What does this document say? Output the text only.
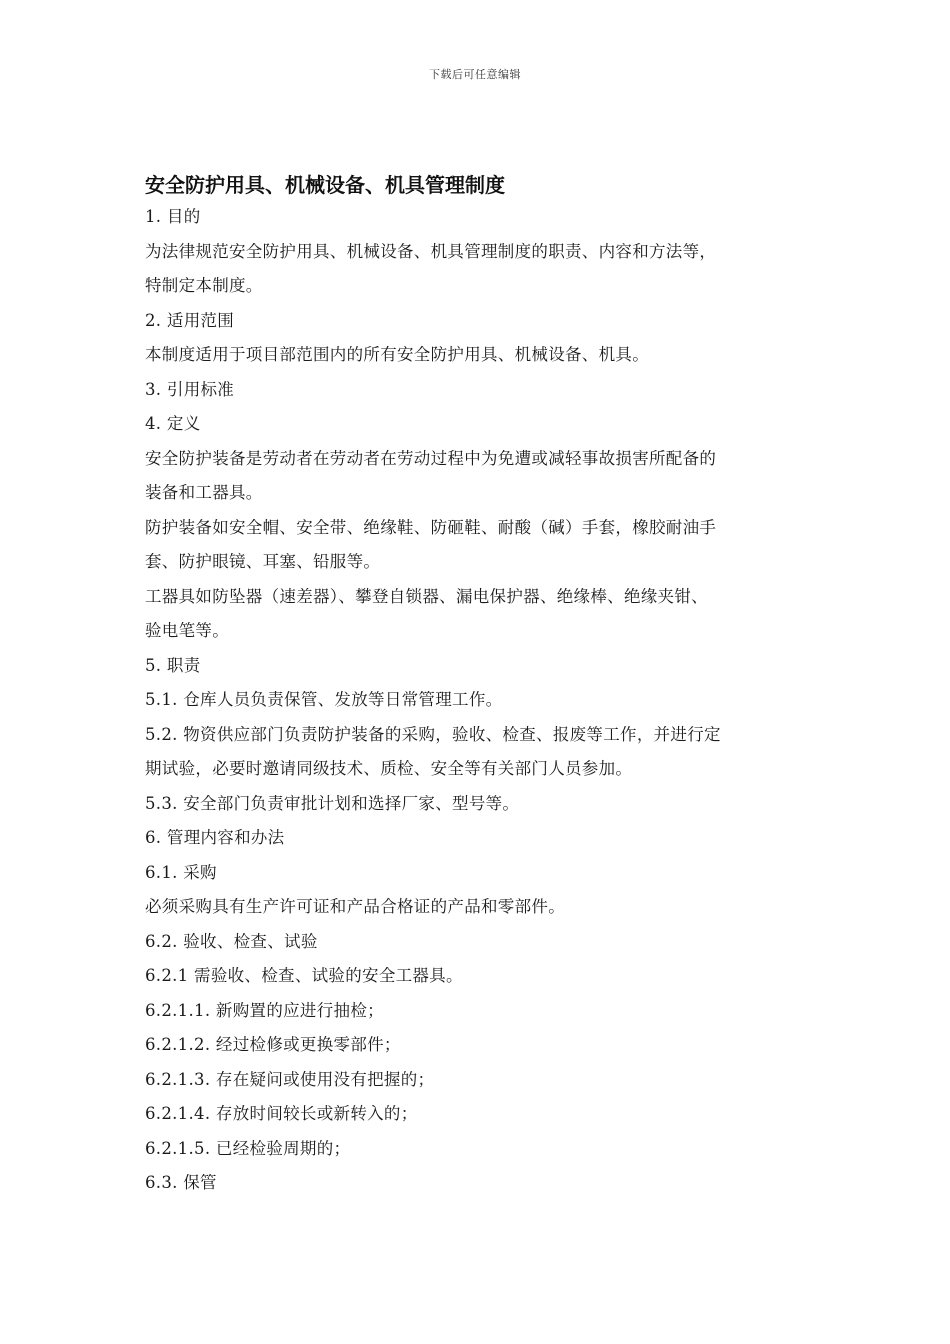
下载后可任意编辑
安全防护用具、机械设备、机具管理制度

1. 目的

为法律规范安全防护用具、机械设备、机具管理制度的职责、内容和方法等，

特制定本制度。

2. 适用范围

本制度适用于项目部范围内的所有安全防护用具、机械设备、机具。

3. 引用标准

4. 定义

安全防护装备是劳动者在劳动者在劳动过程中为免遭或减轻事故损害所配备的

装备和工器具。

防护装备如安全帽、安全带、绝缘鞋、防砸鞋、耐酸（碱）手套，橡胶耐油手

套、防护眼镜、耳塞、铅服等。

工器具如防坠器（速差器）、攀登自锁器、漏电保护器、绝缘棒、绝缘夹钳、

验电笔等。

5. 职责

5.1. 仓库人员负责保管、发放等日常管理工作。

5.2. 物资供应部门负责防护装备的采购，验收、检查、报废等工作，并进行定

期试验，必要时邀请同级技术、质检、安全等有关部门人员参加。

5.3. 安全部门负责审批计划和选择厂家、型号等。

6. 管理内容和办法

6.1. 采购

必须采购具有生产许可证和产品合格证的产品和零部件。

6.2. 验收、检查、试验

6.2.1 需验收、检查、试验的安全工器具。

6.2.1.1. 新购置的应进行抽检；

6.2.1.2. 经过检修或更换零部件；

6.2.1.3. 存在疑问或使用没有把握的；

6.2.1.4. 存放时间较长或新转入的；

6.2.1.5. 已经检验周期的；

6.3. 保管
